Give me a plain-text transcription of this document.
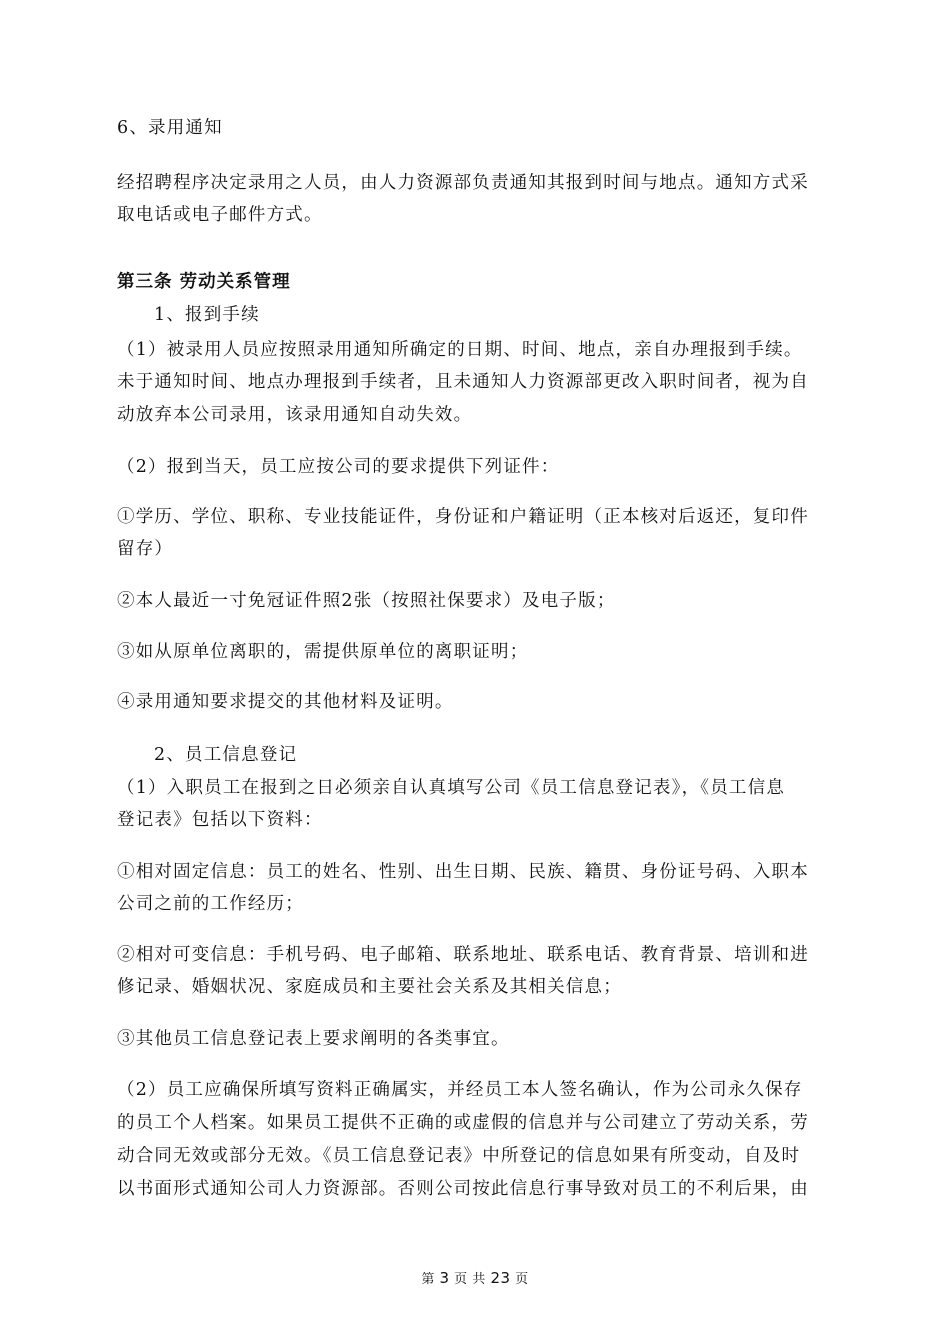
6、录用通知
经招聘程序决定录用之人员，由人力资源部负责通知其报到时间与地点。通知方式采
取电话或电子邮件方式。
第三条 劳动关系管理
1、报到手续
（1）被录用人员应按照录用通知所确定的日期、时间、地点，亲自办理报到手续。
未于通知时间、地点办理报到手续者，且未通知人力资源部更改入职时间者，视为自
动放弃本公司录用，该录用通知自动失效。
（2）报到当天，员工应按公司的要求提供下列证件：
①学历、学位、职称、专业技能证件，身份证和户籍证明（正本核对后返还，复印件
留存）
②本人最近一寸免冠证件照2张（按照社保要求）及电子版；
③如从原单位离职的，需提供原单位的离职证明；
④录用通知要求提交的其他材料及证明。
2、员工信息登记
（1）入职员工在报到之日必须亲自认真填写公司《员工信息登记表》，《员工信息
登记表》包括以下资料：
①相对固定信息：员工的姓名、性别、出生日期、民族、籍贯、身份证号码、入职本
公司之前的工作经历；
②相对可变信息：手机号码、电子邮箱、联系地址、联系电话、教育背景、培训和进
修记录、婚姻状况、家庭成员和主要社会关系及其相关信息；
③其他员工信息登记表上要求阐明的各类事宜。
（2）员工应确保所填写资料正确属实，并经员工本人签名确认，作为公司永久保存
的员工个人档案。如果员工提供不正确的或虚假的信息并与公司建立了劳动关系，劳
动合同无效或部分无效。《员工信息登记表》中所登记的信息如果有所变动，自及时
以书面形式通知公司人力资源部。否则公司按此信息行事导致对员工的不利后果，由
第 3 页 共 23 页
